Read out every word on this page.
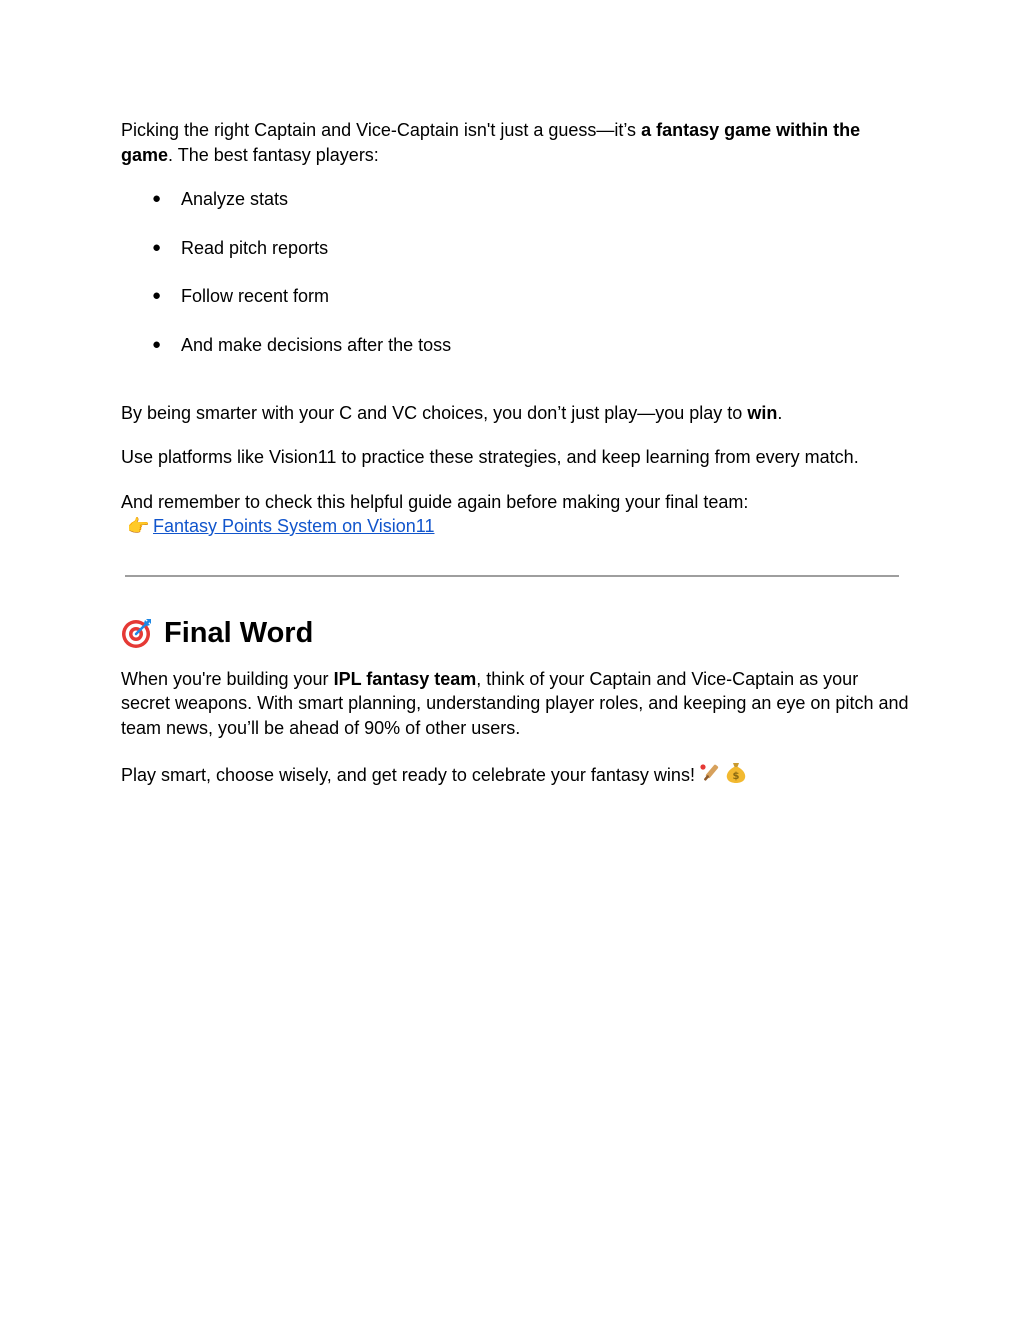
Picking the right Captain and Vice-Captain isn't just a guess—it’s a fantasy game within the game. The best fantasy players:

● Analyze stats
● Read pitch reports
● Follow recent form
● And make decisions after the toss

By being smarter with your C and VC choices, you don’t just play—you play to win.

Use platforms like Vision11 to practice these strategies, and keep learning from every match.

And remember to check this helpful guide again before making your final team:
👉 Fantasy Points System on Vision11

Final Word

When you're building your IPL fantasy team, think of your Captain and Vice-Captain as your secret weapons. With smart planning, understanding player roles, and keeping an eye on pitch and team news, you’ll be ahead of 90% of other users.

Play smart, choose wisely, and get ready to celebrate your fantasy wins!	$
